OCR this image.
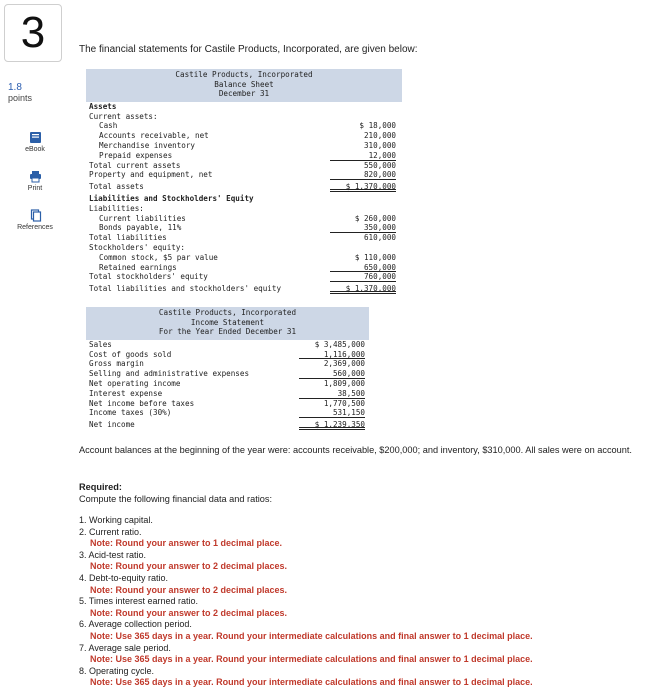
3
1.8
points
eBook
Print
References
The financial statements for Castile Products, Incorporated, are given below:
Castile Products, Incorporated
Balance Sheet
December 31
Assets
Current assets:
Cash	$ 18,000
Accounts receivable, net	210,000
Merchandise inventory	310,000
Prepaid expenses	12,000
Total current assets	550,000
Property and equipment, net	820,000
Total assets	$ 1,370,000
Liabilities and Stockholders' Equity
Liabilities:
Current liabilities	$ 260,000
Bonds payable, 11%	350,000
Total liabilities	610,000
Stockholders' equity:
Common stock, $5 par value	$ 110,000
Retained earnings	650,000
Total stockholders' equity	760,000
Total liabilities and stockholders' equity	$ 1,370,000
Castile Products, Incorporated
Income Statement
For the Year Ended December 31
Sales	$ 3,485,000
Cost of goods sold	1,116,000
Gross margin	2,369,000
Selling and administrative expenses	560,000
Net operating income	1,809,000
Interest expense	38,500
Net income before taxes	1,770,500
Income taxes (30%)	531,150
Net income	$ 1,239,350
Account balances at the beginning of the year were: accounts receivable, $200,000; and inventory, $310,000. All sales were on account.
Required:
Compute the following financial data and ratios:
1. Working capital.
2. Current ratio.
Note: Round your answer to 1 decimal place.
3. Acid-test ratio.
Note: Round your answer to 2 decimal places.
4. Debt-to-equity ratio.
Note: Round your answer to 2 decimal places.
5. Times interest earned ratio.
Note: Round your answer to 2 decimal places.
6. Average collection period.
Note: Use 365 days in a year. Round your intermediate calculations and final answer to 1 decimal place.
7. Average sale period.
Note: Use 365 days in a year. Round your intermediate calculations and final answer to 1 decimal place.
8. Operating cycle.
Note: Use 365 days in a year. Round your intermediate calculations and final answer to 1 decimal place.
